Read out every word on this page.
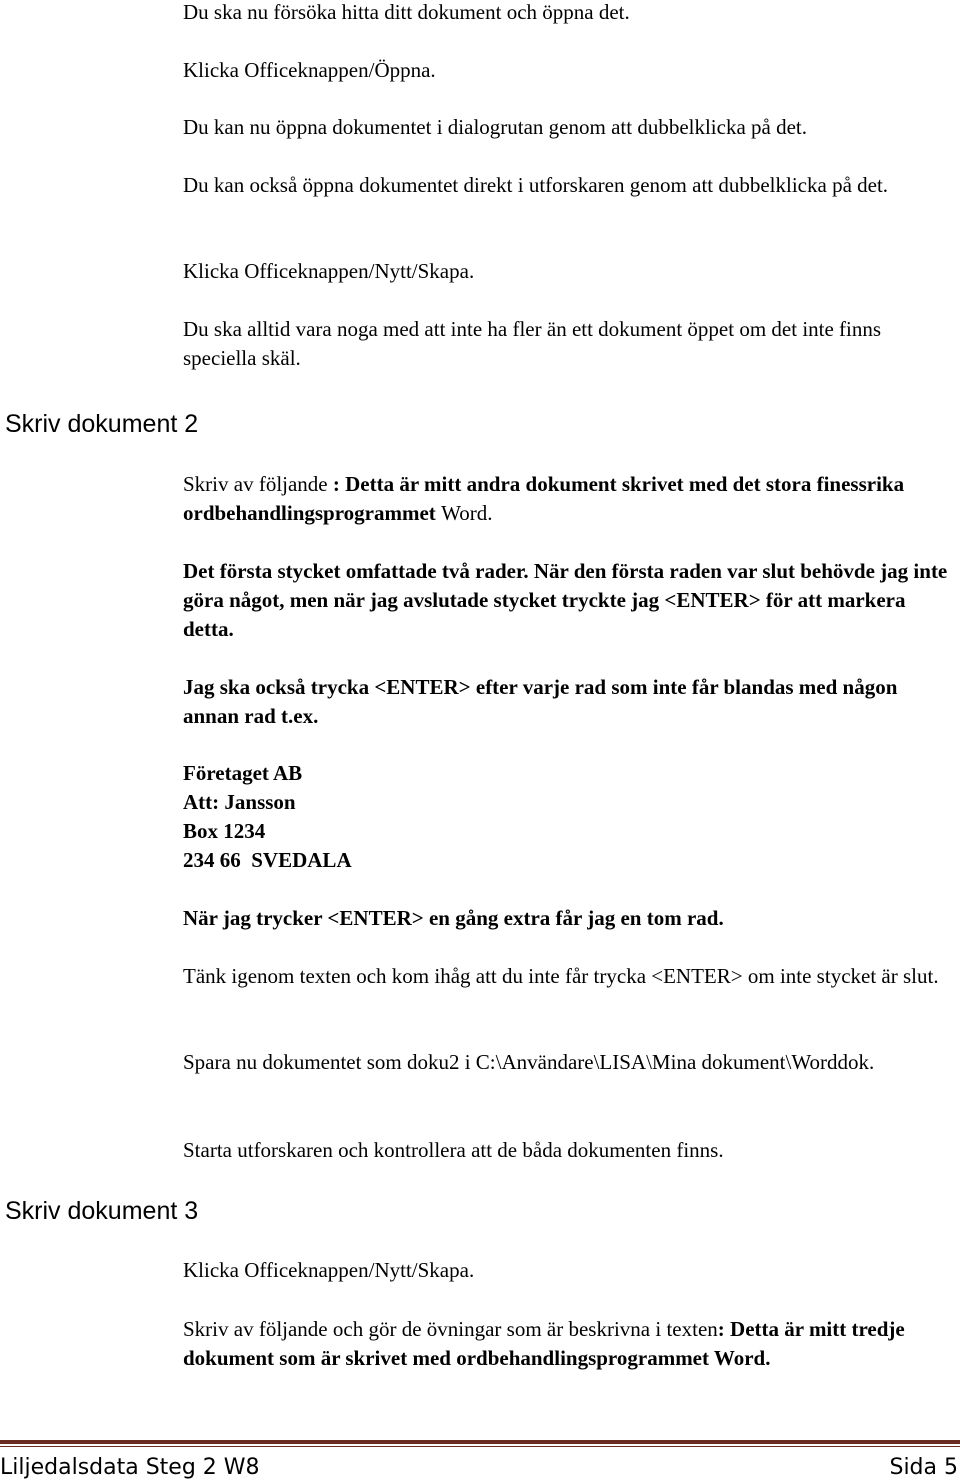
Du ska nu försöka hitta ditt dokument och öppna det.

Klicka Officeknappen/Öppna.

Du kan nu öppna dokumentet i dialogrutan genom att dubbelklicka på det.

Du kan också öppna dokumentet direkt i utforskaren genom att dubbelklicka på det.

Klicka Officeknappen/Nytt/Skapa.

Du ska alltid vara noga med att inte ha fler än ett dokument öppet om det inte finns speciella skäl.

Skriv dokument 2

Skriv av följande : Detta är mitt andra dokument skrivet med det stora finessrika ordbehandlingsprogrammet Word.

Det första stycket omfattade två rader. När den första raden var slut behövde jag inte göra något, men när jag avslutade stycket tryckte jag <ENTER> för att markera detta.

Jag ska också trycka <ENTER> efter varje rad som inte får blandas med någon annan rad t.ex.

Företaget AB
Att: Jansson
Box 1234
234 66  SVEDALA

När jag trycker <ENTER> en gång extra får jag en tom rad.

Tänk igenom texten och kom ihåg att du inte får trycka <ENTER> om inte stycket är slut.

Spara nu dokumentet som doku2 i C:\Användare\LISA\Mina dokument\Worddok.

Starta utforskaren och kontrollera att de båda dokumenten finns.

Skriv dokument 3

Klicka Officeknappen/Nytt/Skapa.

Skriv av följande och gör de övningar som är beskrivna i texten: Detta är mitt tredje dokument som är skrivet med ordbehandlingsprogrammet Word.

Liljedalsdata Steg 2 W8	Sida 5
